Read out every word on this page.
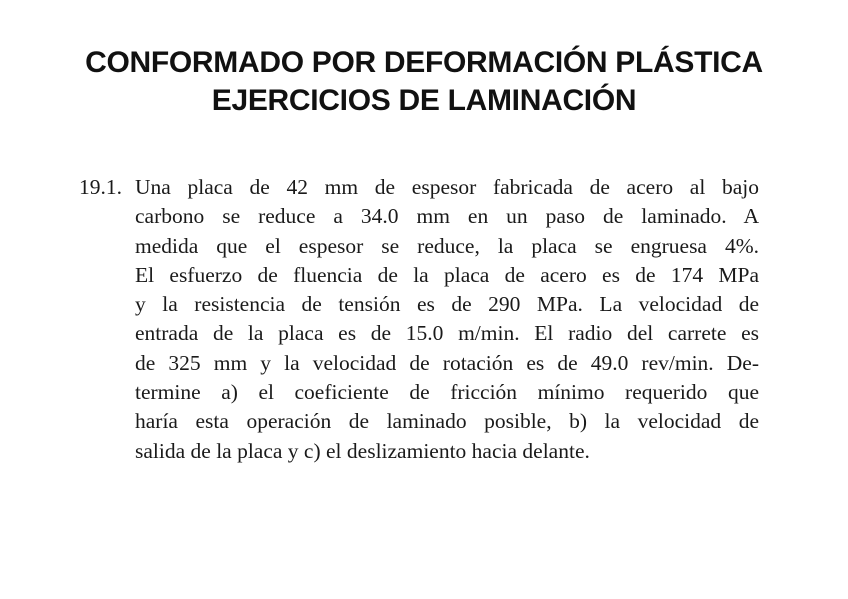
CONFORMADO POR DEFORMACIÓN PLÁSTICA
EJERCICIOS DE LAMINACIÓN
19.1. Una placa de 42 mm de espesor fabricada de acero al bajo
carbono se reduce a 34.0 mm en un paso de laminado. A
medida que el espesor se reduce, la placa se engruesa 4%.
El esfuerzo de fluencia de la placa de acero es de 174 MPa
y la resistencia de tensión es de 290 MPa. La velocidad de
entrada de la placa es de 15.0 m/min. El radio del carrete es
de 325 mm y la velocidad de rotación es de 49.0 rev/min. De-
termine a) el coeficiente de fricción mínimo requerido que
haría esta operación de laminado posible, b) la velocidad de
salida de la placa y c) el deslizamiento hacia delante.
